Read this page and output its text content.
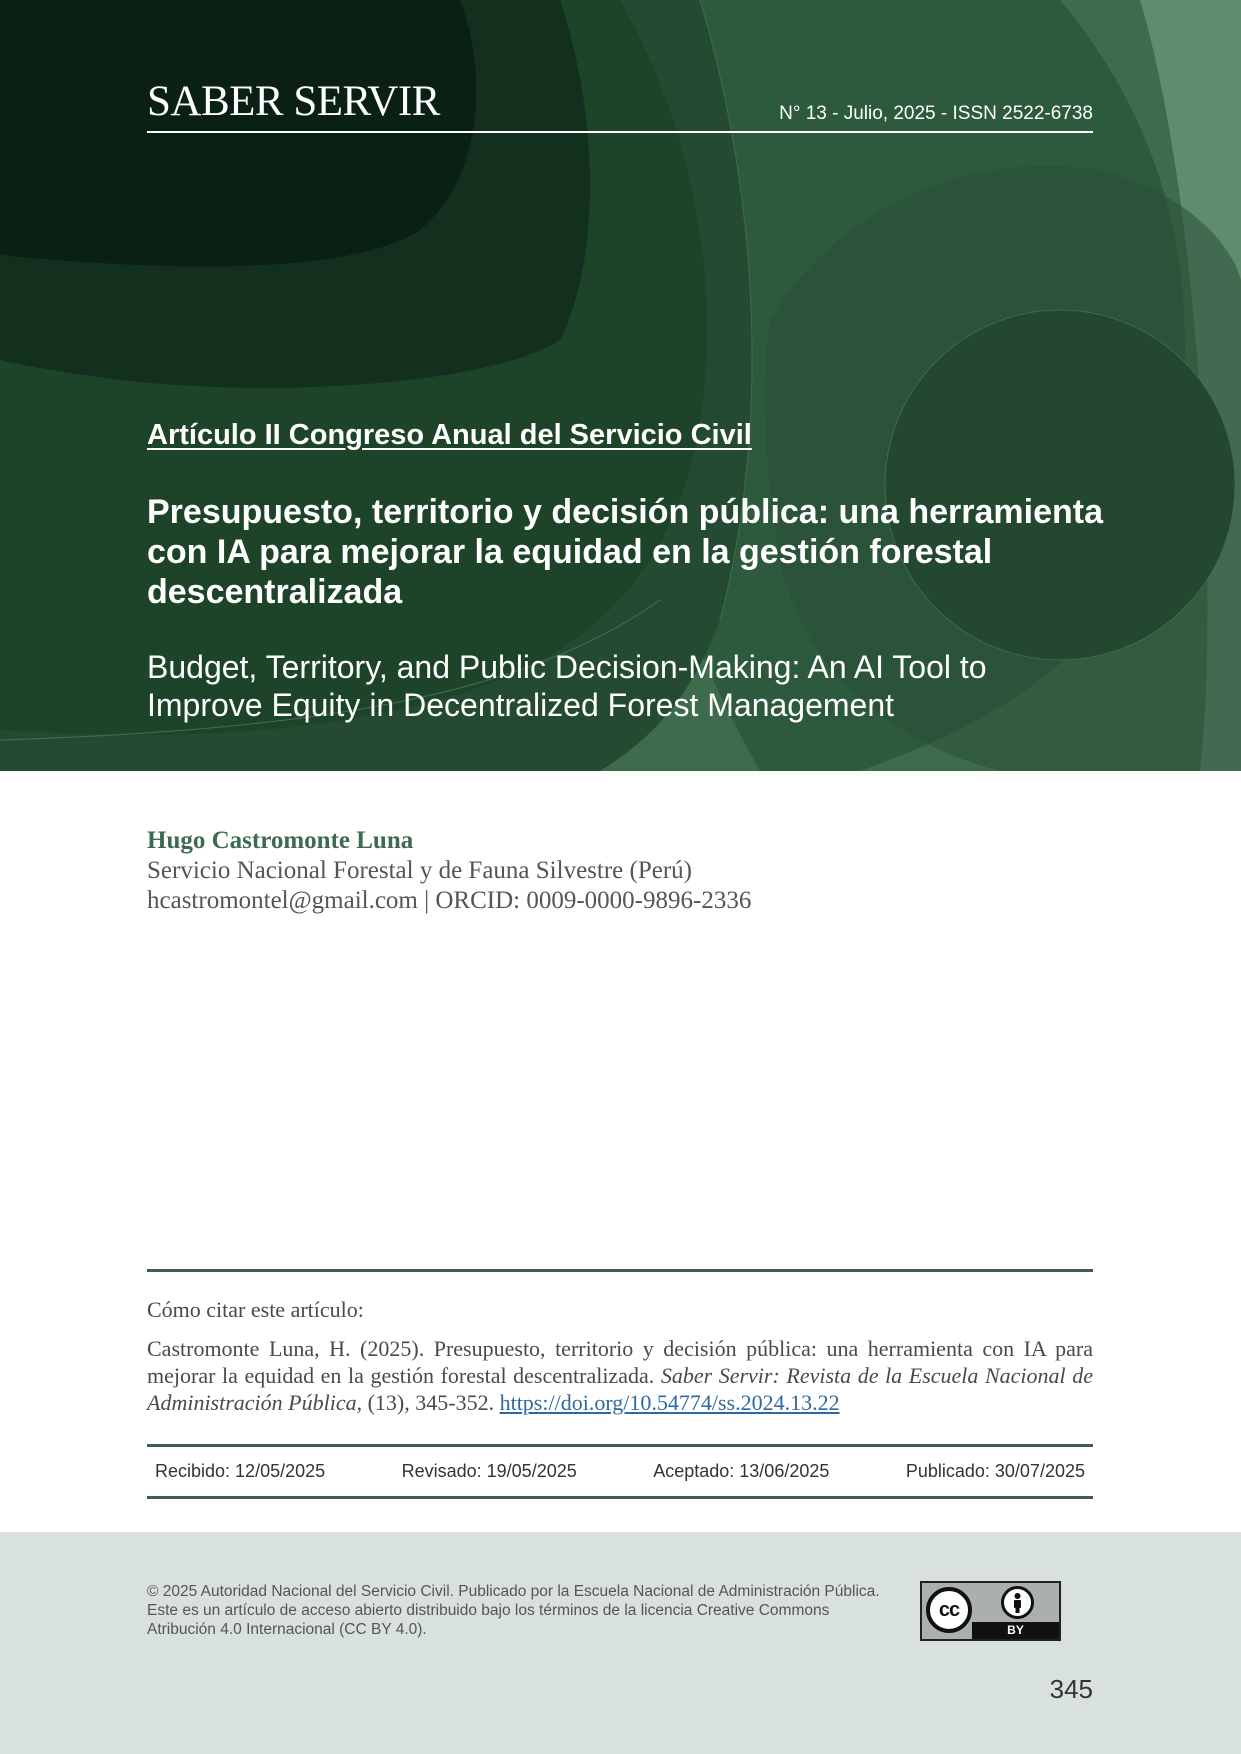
SABER SERVIR	N° 13 - Julio, 2025 - ISSN 2522-6738
Artículo II Congreso Anual del Servicio Civil
Presupuesto, territorio y decisión pública: una herramienta con IA para mejorar la equidad en la gestión forestal descentralizada
Budget, Territory, and Public Decision-Making: An AI Tool to Improve Equity in Decentralized Forest Management
Hugo Castromonte Luna
Servicio Nacional Forestal y de Fauna Silvestre (Perú)
hcastromontel@gmail.com | ORCID: 0009-0000-9896-2336
Cómo citar este artículo:
Castromonte Luna, H. (2025). Presupuesto, territorio y decisión pública: una herramienta con IA para mejorar la equidad en la gestión forestal descentralizada. Saber Servir: Revista de la Escuela Nacional de Administración Pública, (13), 345-352. https://doi.org/10.54774/ss.2024.13.22
Recibido: 12/05/2025	Revisado: 19/05/2025	Aceptado: 13/06/2025	Publicado: 30/07/2025
© 2025 Autoridad Nacional del Servicio Civil. Publicado por la Escuela Nacional de Administración Pública. Este es un artículo de acceso abierto distribuido bajo los términos de la licencia Creative Commons Atribución 4.0 Internacional (CC BY 4.0).
cc
BY
345
